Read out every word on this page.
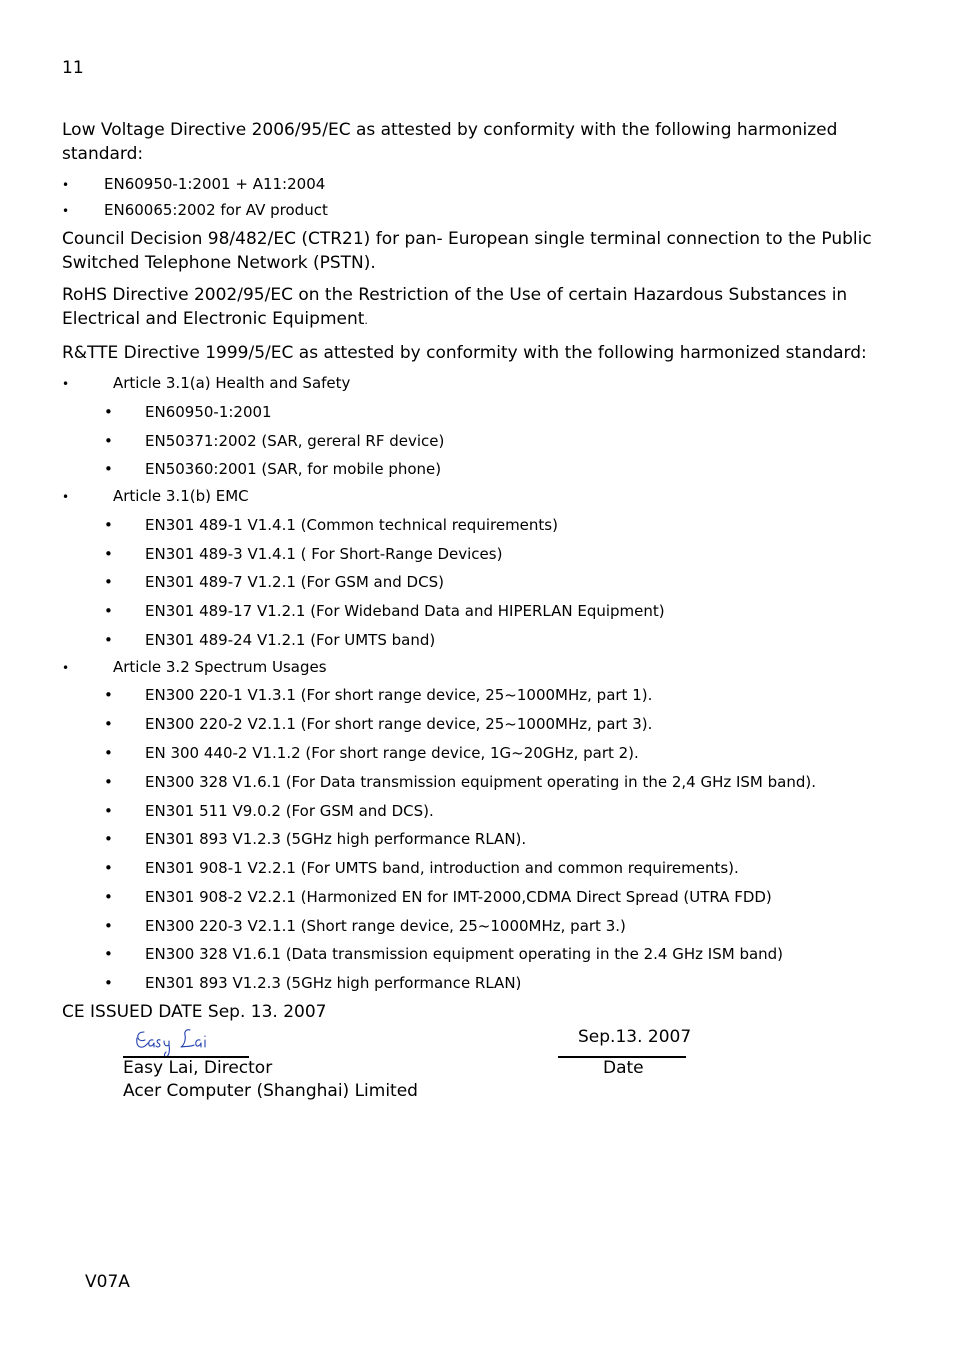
11
Low Voltage Directive 2006/95/EC as attested by conformity with the following harmonized standard:
• EN60950-1:2001 + A11:2004
• EN60065:2002 for AV product
Council Decision 98/482/EC (CTR21) for pan- European single terminal connection to the Public Switched Telephone Network (PSTN).
RoHS Directive 2002/95/EC on the Restriction of the Use of certain Hazardous Substances in Electrical and Electronic Equipment.
R&TTE Directive 1999/5/EC as attested by conformity with the following harmonized standard:
•	Article 3.1(a) Health and Safety
• EN60950-1:2001
• EN50371:2002 (SAR, gereral RF device)
• EN50360:2001 (SAR, for mobile phone)
•	Article 3.1(b) EMC
• EN301 489-1 V1.4.1 (Common technical requirements)
• EN301 489-3 V1.4.1 ( For Short-Range Devices)
• EN301 489-7 V1.2.1 (For GSM and DCS)
• EN301 489-17 V1.2.1 (For Wideband Data and HIPERLAN Equipment)
• EN301 489-24 V1.2.1 (For UMTS band)
•	Article 3.2 Spectrum Usages
• EN300 220-1 V1.3.1 (For short range device, 25~1000MHz, part 1).
• EN300 220-2 V2.1.1 (For short range device, 25~1000MHz, part 3).
• EN 300 440-2 V1.1.2 (For short range device, 1G~20GHz, part 2).
• EN300 328 V1.6.1 (For Data transmission equipment operating in the 2,4 GHz ISM band).
• EN301 511 V9.0.2 (For GSM and DCS).
• EN301 893 V1.2.3 (5GHz high performance RLAN).
• EN301 908-1 V2.2.1 (For UMTS band, introduction and common requirements).
• EN301 908-2 V2.2.1 (Harmonized EN for IMT-2000,CDMA Direct Spread (UTRA FDD)
• EN300 220-3 V2.1.1 (Short range device, 25~1000MHz, part 3.)
• EN300 328 V1.6.1 (Data transmission equipment operating in the 2.4 GHz ISM band)
• EN301 893 V1.2.3 (5GHz high performance RLAN)
CE ISSUED DATE Sep. 13. 2007
Easy Lai, Director
Acer Computer (Shanghai) Limited
Sep.13. 2007
Date
V07A
